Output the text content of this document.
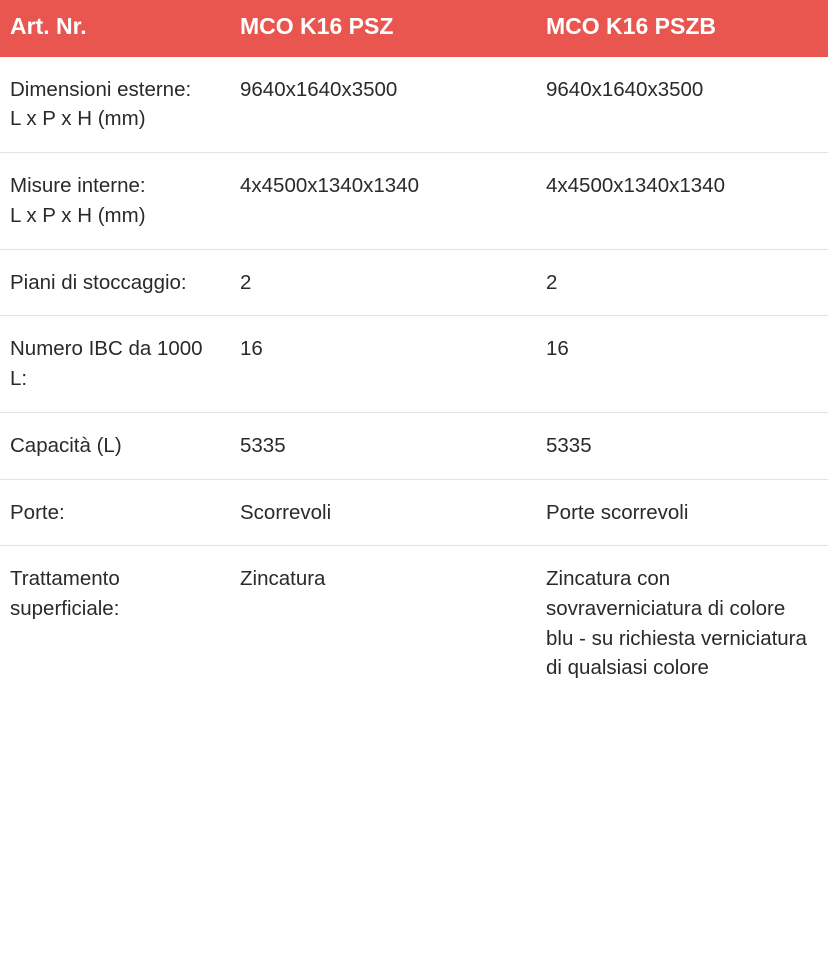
Art. Nr.	MCO K16 PSZ	MCO K16 PSZB

Dimensioni esterne:
L x P x H (mm)	9640x1640x3500	9640x1640x3500

Misure interne:
L x P x H (mm)	4x4500x1340x1340	4x4500x1340x1340
Piani di stoccaggio:	2	2
Numero IBC da 1000 L:	16	16
Capacità (L)	5335	5335
Porte:	Scorrevoli	Porte scorrevoli
Trattamento superficiale:	Zincatura	Zincatura con sovraverniciatura di colore blu - su richiesta verniciatura di qualsiasi colore
